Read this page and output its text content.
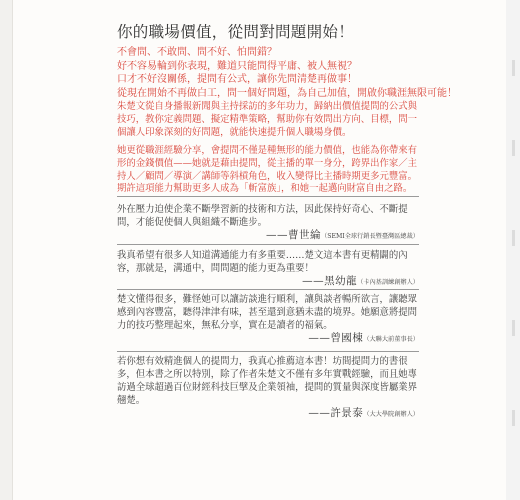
你的職場價值，從問對問題開始！
不會問、不敢問、問不好、怕問錯？
好不容易輪到你表現，難道只能問得平庸、被人無視？
口才不好沒關係，提問有公式，讓你先問清楚再做事！
從現在開始不再做白工，問一個好問題，為自己加值，開啟你職涯無限可能！
朱楚文從自身播報新聞與主持採訪的多年功力，歸納出價值提問的公式與技巧，教你定義問題、擬定精準策略，幫助你有效問出方向、目標，問一個讓人印象深刻的好問題，就能快速提升個人職場身價。
她更從職涯經驗分享，會提問不僅是種無形的能力價值，也能為你帶來有形的金錢價值——她就是藉由提問，從主播的單一身分，跨界出作家／主持人／顧問／導演／講師等斜槓角色，收入變得比主播時期更多元豐富。期許這項能力幫助更多人成為「斬富族」，和她一起邁向財富自由之路。
外在壓力迫使企業不斷學習新的技術和方法，因此保持好奇心、不斷提問，才能促使個人與組織不斷進步。
——曹世綸（SEMI全球行銷長暨臺灣區總裁）
我真希望有很多人知道溝通能力有多重要……楚文這本書有更精闢的內容，那就是，溝通中，問問題的能力更為重要！
——黑幼龍（卡內基訓練創辦人）
楚文懂得很多，難怪她可以讓訪談進行順利，讓與談者暢所欲言，讓聽眾感到內容豐富，聽得津津有味，甚至還到意猶未盡的境界。她願意將提問力的技巧整理起來，無私分享，實在是讀者的福氣。
——曾國棟（大聯大前董事長）
若你想有效精進個人的提問力，我真心推薦這本書！坊間提問力的書很多，但本書之所以特別，除了作者朱楚文不僅有多年實戰經驗，而且她專訪過全球超過百位財經科技巨擘及企業領袖，提問的質量與深度皆屬業界翹楚。
——許景泰（大大學院創辦人）
